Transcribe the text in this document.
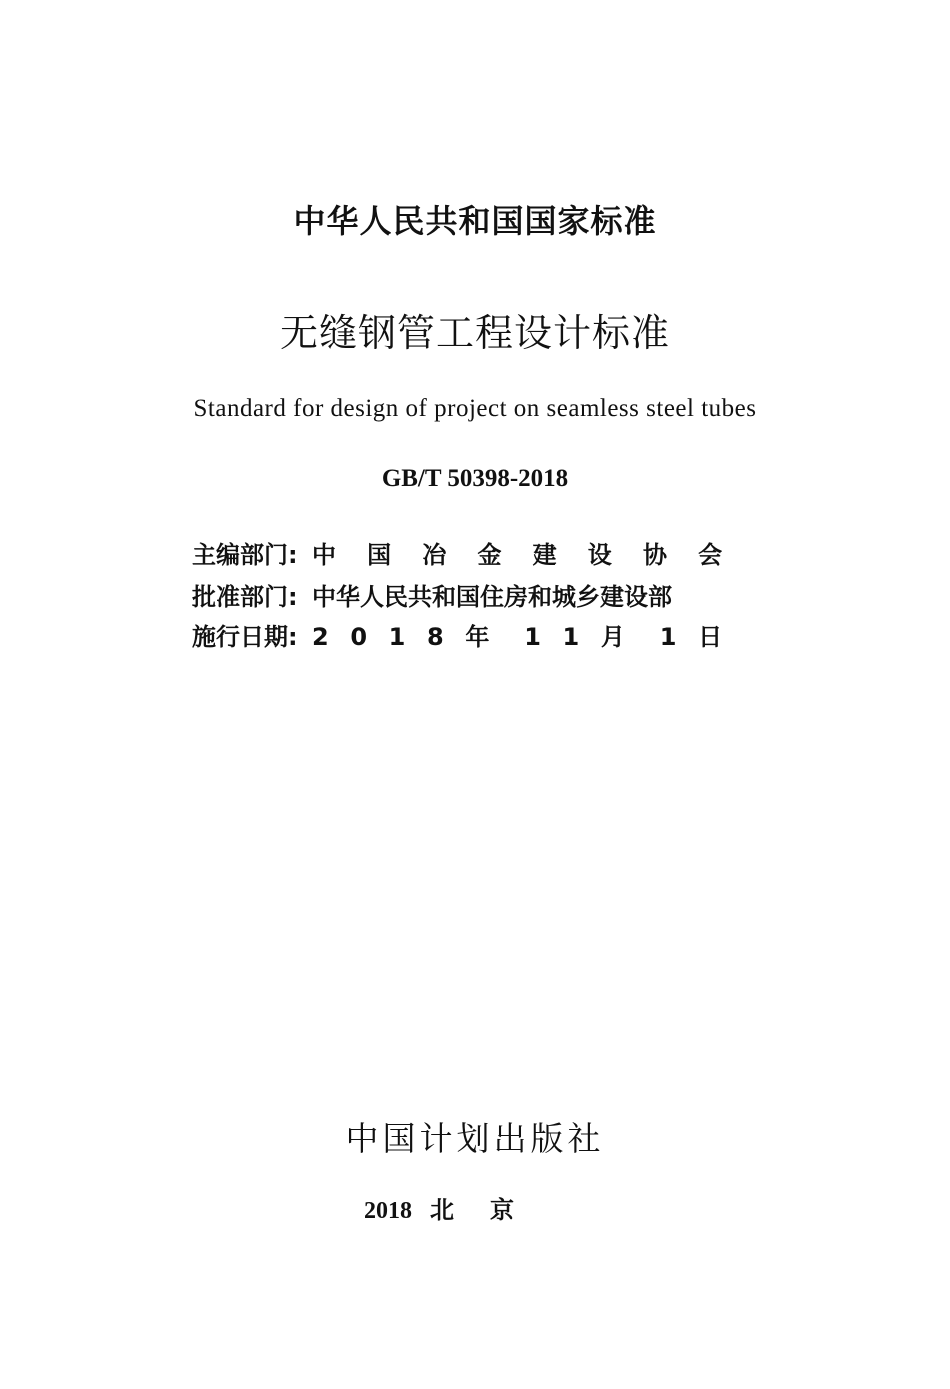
中华人民共和国国家标准
无缝钢管工程设计标准
Standard for design of project on seamless steel tubes
GB/T 50398-2018
主编部门: 中 国 冶 金 建 设 协 会
批准部门: 中华人民共和国住房和城乡建设部
施行日期: 2 0 1 8 年 1 1 月 1 日
中国计划出版社
2018 北 京
